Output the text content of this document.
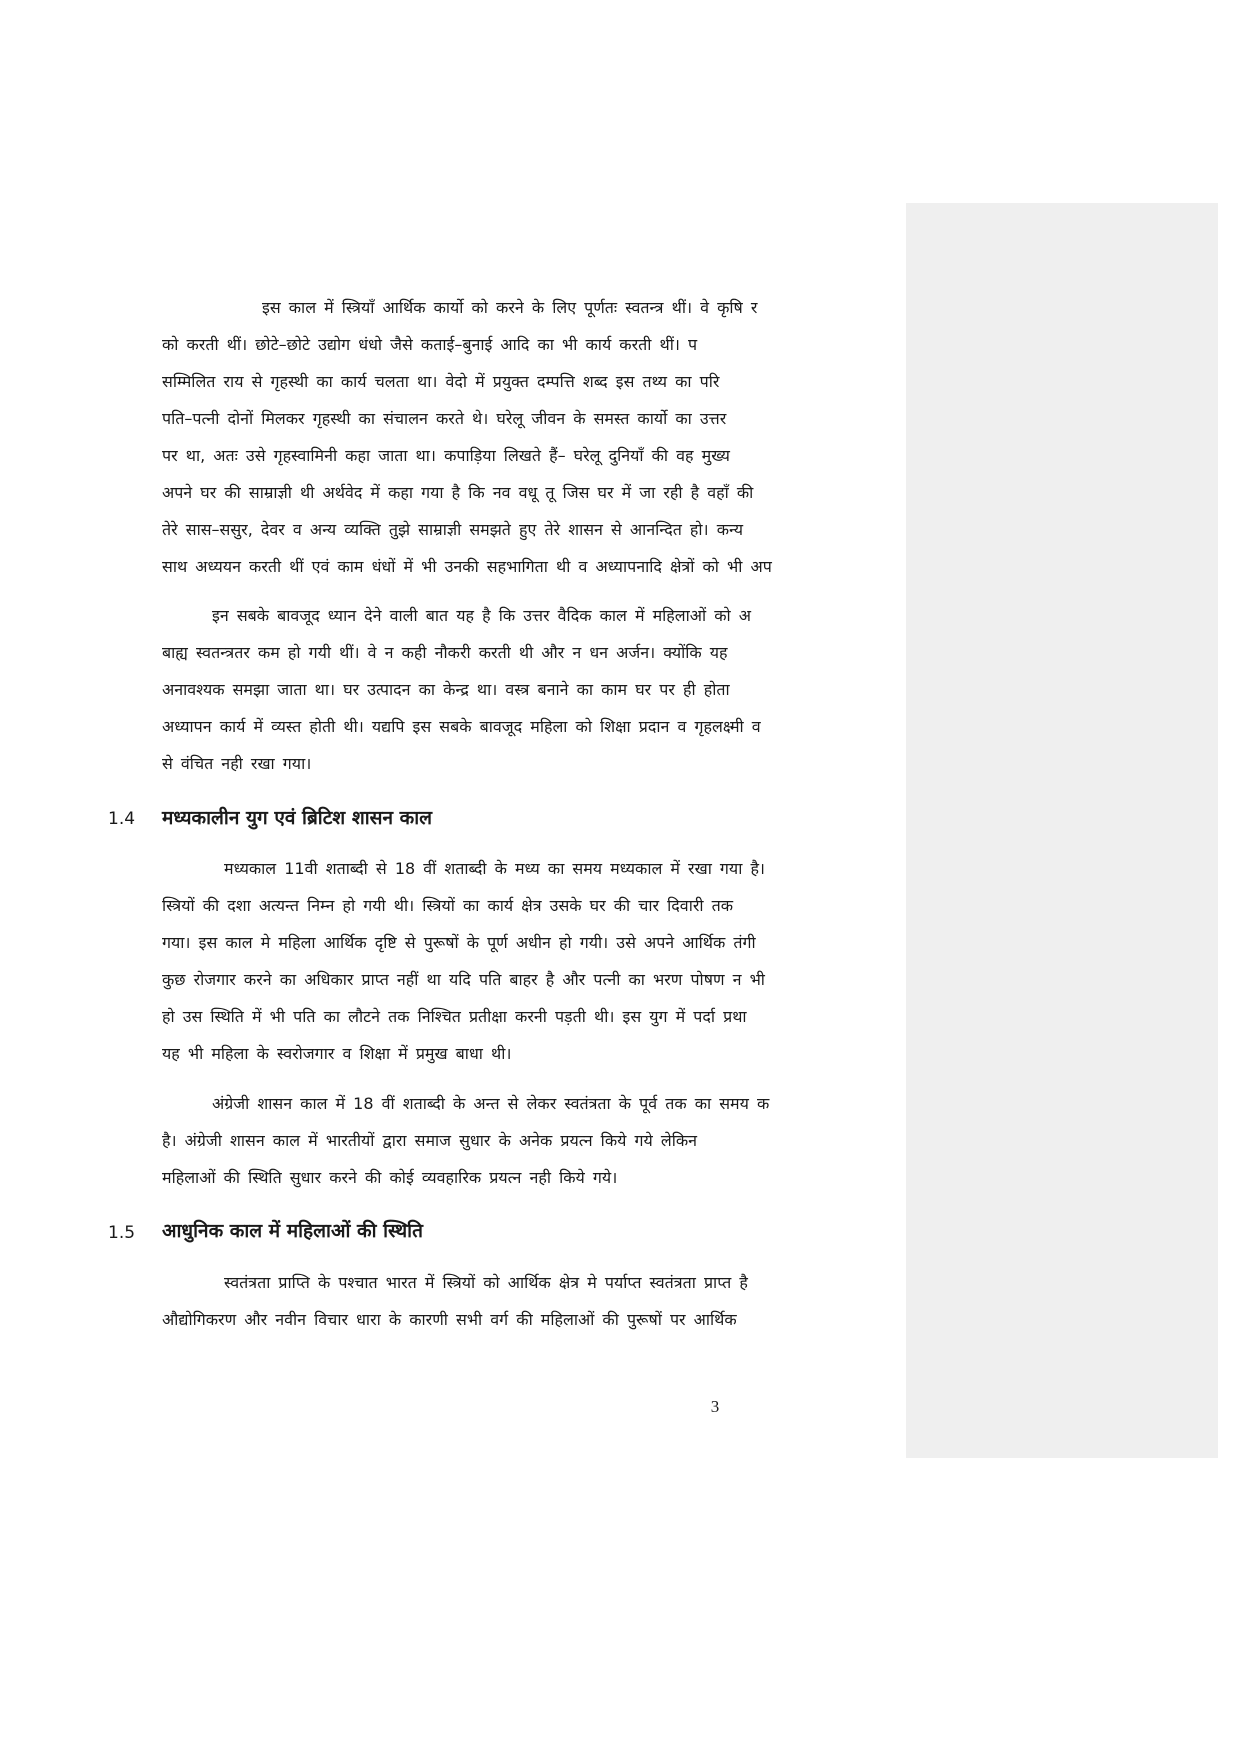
इस काल में स्त्रियॉं आर्थिक कार्यो को करने के लिए पूर्णतः स्वतन्त्र थीं। वे कृषि र
को करती थीं। छोटे–छोटे उद्योग धंधो जैसे कताई–बुनाई आदि का भी कार्य करती थीं। प
सम्मिलित राय से गृहस्थी का कार्य चलता था। वेदो में प्रयुक्त दम्पत्ति शब्द इस तथ्य का परि
पति–पत्नी दोनों मिलकर गृहस्थी का संचालन करते थे। घरेलू जीवन के समस्त कार्यो का उत्तर
पर था, अतः उसे गृहस्वामिनी कहा जाता था। कपाड़िया लिखते हैं– घरेलू दुनियॉं की वह मुख्य
अपने घर की साम्राज्ञी थी अर्थवेद में कहा गया है कि नव वधू तू जिस घर में जा रही है वहॉं की
तेरे सास–ससुर, देवर व अन्य व्यक्ति तुझे साम्राज्ञी समझते हुए तेरे शासन से आनन्दित हो। कन्य
साथ अध्ययन करती थीं एवं काम धंधों में भी उनकी सहभागिता थी व अध्यापनादि क्षेत्रों को भी अप
इन सबके बावजूद ध्यान देने वाली बात यह है कि उत्तर वैदिक काल में महिलाओं को अ
बाह्य स्वतन्त्रतर कम हो गयी थीं। वे न कही नौकरी करती थी और न धन अर्जन। क्योंकि यह
अनावश्यक समझा जाता था। घर उत्पादन का केन्द्र था। वस्त्र बनाने का काम घर पर ही होता
अध्यापन कार्य में व्यस्त होती थी। यद्यपि इस सबके बावजूद महिला को शिक्षा प्रदान व गृहलक्ष्मी व
से वंचित नही रखा गया।
1.4 मध्यकालीन युग एवं ब्रिटिश शासन काल
मध्यकाल 11वी शताब्दी से 18 वीं शताब्दी के मध्य का समय मध्यकाल में रखा गया है।
स्त्रियों की दशा अत्यन्त निम्न हो गयी थी। स्त्रियों का कार्य क्षेत्र उसके घर की चार दिवारी तक
गया। इस काल मे महिला आर्थिक दृष्टि से पुरूषों के पूर्ण अधीन हो गयी। उसे अपने आर्थिक तंगी
कुछ रोजगार करने का अधिकार प्राप्त नहीं था यदि पति बाहर है और पत्नी का भरण पोषण न भी
हो उस स्थिति में भी पति का लौटने तक निश्चित प्रतीक्षा करनी पड़ती थी। इस युग में पर्दा प्रथा
यह भी महिला के स्वरोजगार व शिक्षा में प्रमुख बाधा थी।
अंग्रेजी शासन काल में 18 वीं शताब्दी के अन्त से लेकर स्वतंत्रता के पूर्व तक का समय क
है। अंग्रेजी शासन काल में भारतीयों द्वारा समाज सुधार के अनेक प्रयत्न किये गये लेकिन
महिलाओं की स्थिति सुधार करने की कोई व्यवहारिक प्रयत्न नही किये गये।
1.5 आधुनिक काल में महिलाओं की स्थिति
स्वतंत्रता प्राप्ति के पश्चात भारत में स्त्रियों को आर्थिक क्षेत्र मे पर्याप्त स्वतंत्रता प्राप्त है
औद्योगिकरण और नवीन विचार धारा के कारणी सभी वर्ग की महिलाओं की पुरूषों पर आर्थिक
3
